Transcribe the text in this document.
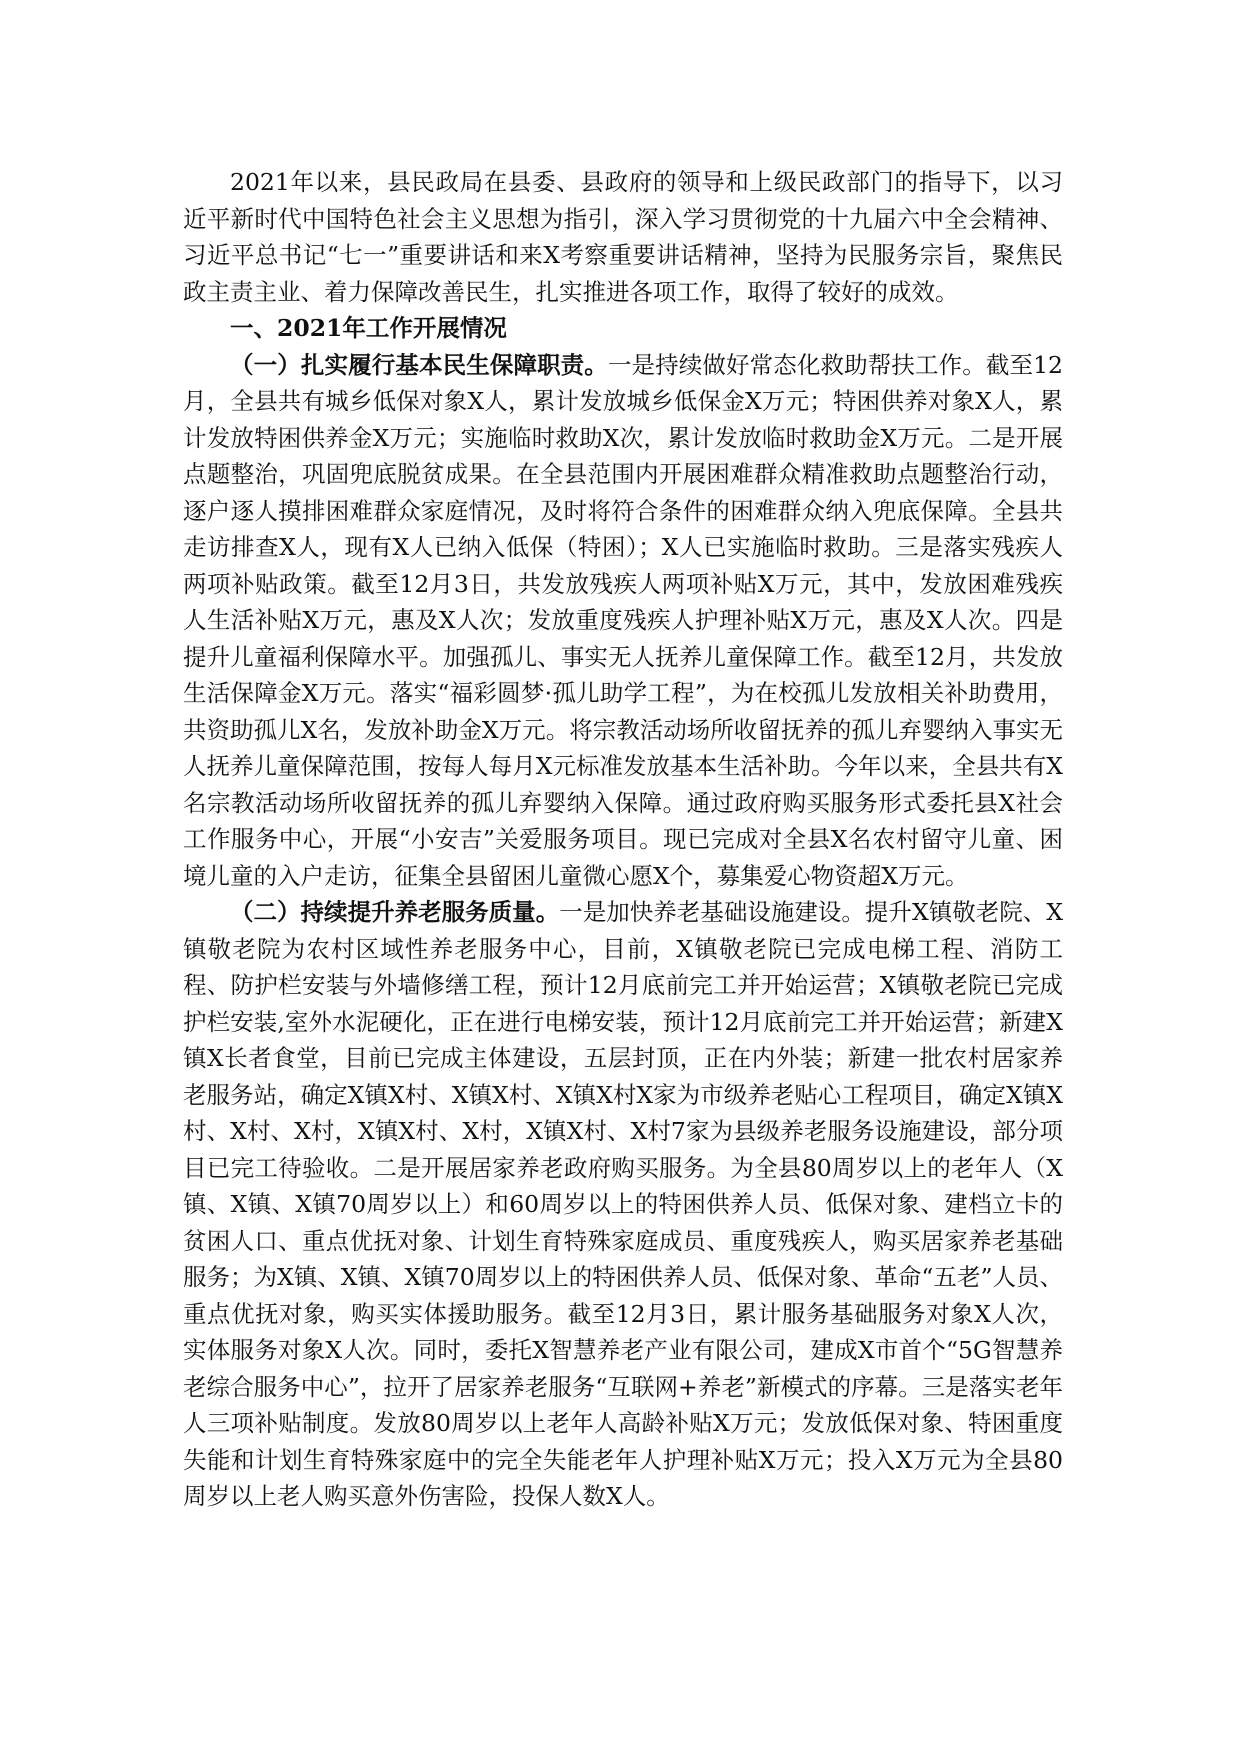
2021年以来，县民政局在县委、县政府的领导和上级民政部门的指导下，以习近平新时代中国特色社会主义思想为指引，深入学习贯彻党的十九届六中全会精神、习近平总书记“七一”重要讲话和来X考察重要讲话精神，坚持为民服务宗旨，聚焦民政主责主业、着力保障改善民生，扎实推进各项工作，取得了较好的成效。

一、2021年工作开展情况

（一）扎实履行基本民生保障职责。一是持续做好常态化救助帮扶工作。截至12月，全县共有城乡低保对象X人，累计发放城乡低保金X万元；特困供养对象X人，累计发放特困供养金X万元；实施临时救助X次，累计发放临时救助金X万元。二是开展点题整治，巩固兜底脱贫成果。在全县范围内开展困难群众精准救助点题整治行动，逐户逐人摸排困难群众家庭情况，及时将符合条件的困难群众纳入兜底保障。全县共走访排查X人，现有X人已纳入低保（特困）；X人已实施临时救助。三是落实残疾人两项补贴政策。截至12月3日，共发放残疾人两项补贴X万元，其中，发放困难残疾人生活补贴X万元，惠及X人次；发放重度残疾人护理补贴X万元，惠及X人次。四是提升儿童福利保障水平。加强孤儿、事实无人抚养儿童保障工作。截至12月，共发放生活保障金X万元。落实“福彩圆梦·孤儿助学工程”，为在校孤儿发放相关补助费用，共资助孤儿X名，发放补助金X万元。将宗教活动场所收留抚养的孤儿弃婴纳入事实无人抚养儿童保障范围，按每人每月X元标准发放基本生活补助。今年以来，全县共有X名宗教活动场所收留抚养的孤儿弃婴纳入保障。通过政府购买服务形式委托县X社会工作服务中心，开展“小安吉”关爱服务项目。现已完成对全县X名农村留守儿童、困境儿童的入户走访，征集全县留困儿童微心愿X个，募集爱心物资超X万元。

（二）持续提升养老服务质量。一是加快养老基础设施建设。提升X镇敬老院、X镇敬老院为农村区域性养老服务中心，目前，X镇敬老院已完成电梯工程、消防工程、防护栏安装与外墙修缮工程，预计12月底前完工并开始运营；X镇敬老院已完成护栏安装,室外水泥硬化，正在进行电梯安装，预计12月底前完工并开始运营；新建X镇X长者食堂，目前已完成主体建设，五层封顶，正在内外装；新建一批农村居家养老服务站，确定X镇X村、X镇X村、X镇X村X家为市级养老贴心工程项目，确定X镇X村、X村、X村，X镇X村、X村，X镇X村、X村7家为县级养老服务设施建设，部分项目已完工待验收。二是开展居家养老政府购买服务。为全县80周岁以上的老年人（X镇、X镇、X镇70周岁以上）和60周岁以上的特困供养人员、低保对象、建档立卡的贫困人口、重点优抚对象、计划生育特殊家庭成员、重度残疾人，购买居家养老基础服务；为X镇、X镇、X镇70周岁以上的特困供养人员、低保对象、革命“五老”人员、重点优抚对象，购买实体援助服务。截至12月3日，累计服务基础服务对象X人次，实体服务对象X人次。同时，委托X智慧养老产业有限公司，建成X市首个“5G智慧养老综合服务中心”，拉开了居家养老服务“互联网+养老”新模式的序幕。三是落实老年人三项补贴制度。发放80周岁以上老年人高龄补贴X万元；发放低保对象、特困重度失能和计划生育特殊家庭中的完全失能老年人护理补贴X万元；投入X万元为全县80周岁以上老人购买意外伤害险，投保人数X人。
